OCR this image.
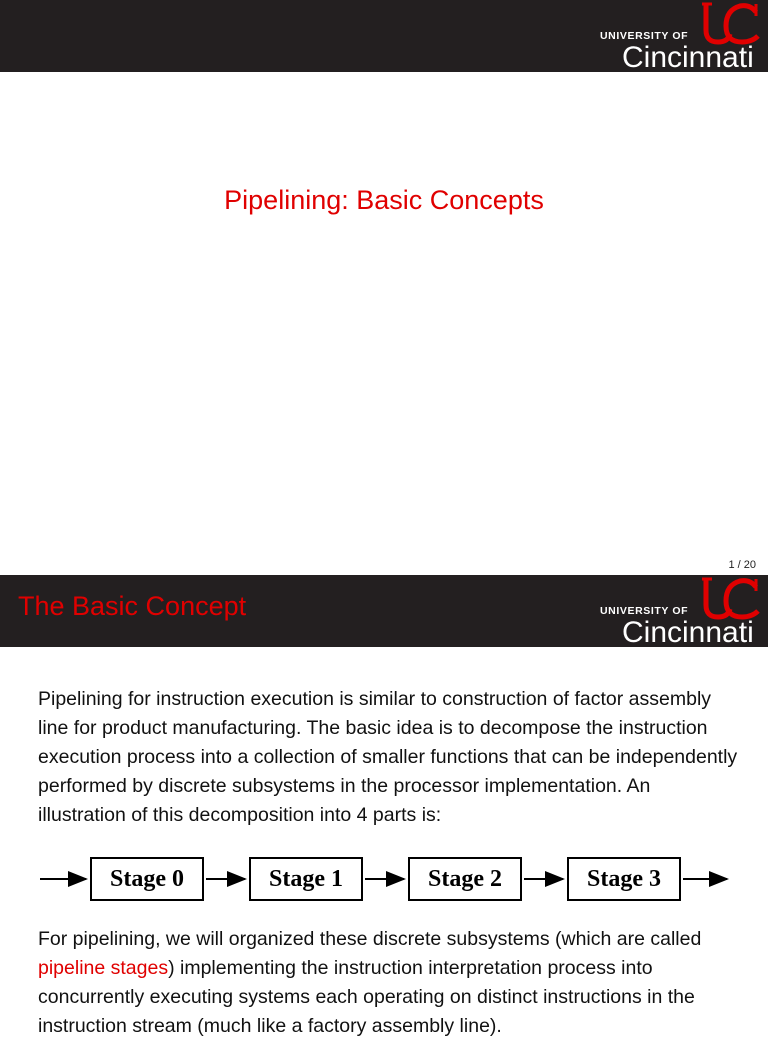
UNIVERSITY OF
Cincinnati
Pipelining: Basic Concepts
1 / 20
The Basic Concept	UNIVERSITY OF
Cincinnati
Pipelining for instruction execution is similar to construction of factor assembly line for product manufacturing. The basic idea is to decompose the instruction execution process into a collection of smaller functions that can be independently performed by discrete subsystems in the processor implementation. An illustration of this decomposition into 4 parts is:
Stage 0	Stage 1	Stage 2	Stage 3
For pipelining, we will organized these discrete subsystems (which are called pipeline stages) implementing the instruction interpretation process into concurrently executing systems each operating on distinct instructions in the instruction stream (much like a factory assembly line).
